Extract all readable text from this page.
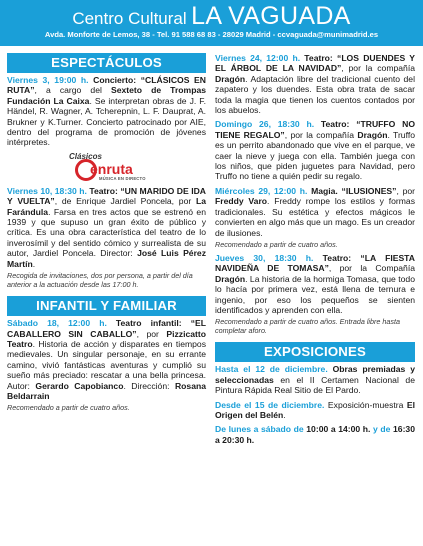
Centro Cultural LA VAGUADA
Avda. Monforte de Lemos, 38 - Tel. 91 588 68 83 - 28029 Madrid - ccvaguada@munimadrid.es
ESPECTÁCULOS

Viernes 3, 19:00 h. Concierto: “CLÁSICOS EN RUTA”, a cargo del Sexteto de Trompas Fundación La Caixa. Se interpretan obras de J. F. Händel, R. Wagner, A. Tcherepnin, L. F. Dauprat, A. Brukner y K.Turner. Concierto patrocinado por AIE, dentro del programa de promoción de jóvenes intérpretes.

Clásicos
enruta
MÚSICA EN DIRECTO

Viernes 10, 18:30 h. Teatro: “UN MARIDO DE IDA Y VUELTA”, de Enrique Jardiel Poncela, por La Farándula. Farsa en tres actos que se estrenó en 1939 y que supuso un gran éxito de público y crítica. Es una obra característica del teatro de lo inverosímil y del sentido cómico y surrealista de su autor, Jardiel Poncela. Director: José Luis Pérez Martín.

Recogida de invitaciones, dos por persona, a partir del día anterior a la actuación desde las 17:00 h.

INFANTIL Y FAMILIAR

Sábado 18, 12:00 h. Teatro infantil: “EL CABALLERO SIN CABALLO”, por Pizzicatto Teatro. Historia de acción y disparates en tiempos medievales. Un singular personaje, en su errante camino, vivió fantásticas aventuras y cumplió su sueño más preciado: rescatar a una bella princesa. Autor: Gerardo Capobianco. Dirección: Rosana Beldarrain

Recomendado a partir de cuatro años.

Viernes 24, 12:00 h. Teatro: “LOS DUENDES Y EL ÁRBOL DE LA NAVIDAD”, por la compañía Dragón. Adaptación libre del tradicional cuento del zapatero y los duendes. Esta obra trata de sacar toda la magia que tienen los cuentos contados por los abuelos.

Domingo 26, 18:30 h. Teatro: “TRUFFO NO TIENE REGALO”, por la compañía Dragón. Truffo es un perrito abandonado que vive en el parque, ve caer la nieve y juega con ella. También juega con los niños, que piden juguetes para Navidad, pero Truffo no tiene a quién pedir su regalo.

Miércoles 29, 12:00 h. Magia. “ILUSIONES”, por Freddy Varo. Freddy rompe los estilos y formas tradicionales. Su estética y efectos mágicos le convierten en algo más que un mago. Es un creador de ilusiones.

Recomendado a partir de cuatro años.

Jueves 30, 18:30 h. Teatro: “LA FIESTA NAVIDEÑA DE TOMASA”, por la Compañía Dragón. La historia de la hormiga Tomasa, que todo lo hacía por primera vez, está llena de ternura e ingenio, por eso los pequeños se sienten identificados y aprenden con ella.

Recomendado a partir de cuatro años. Entrada libre hasta completar aforo.

EXPOSICIONES

Hasta el 12 de diciembre. Obras premiadas y seleccionadas en el II Certamen Nacional de Pintura Rápida Real Sitio de El Pardo.

Desde el 15 de diciembre. Exposición-muestra El Origen del Belén.

De lunes a sábado de 10:00 a 14:00 h. y de 16:30 a 20:30 h.
